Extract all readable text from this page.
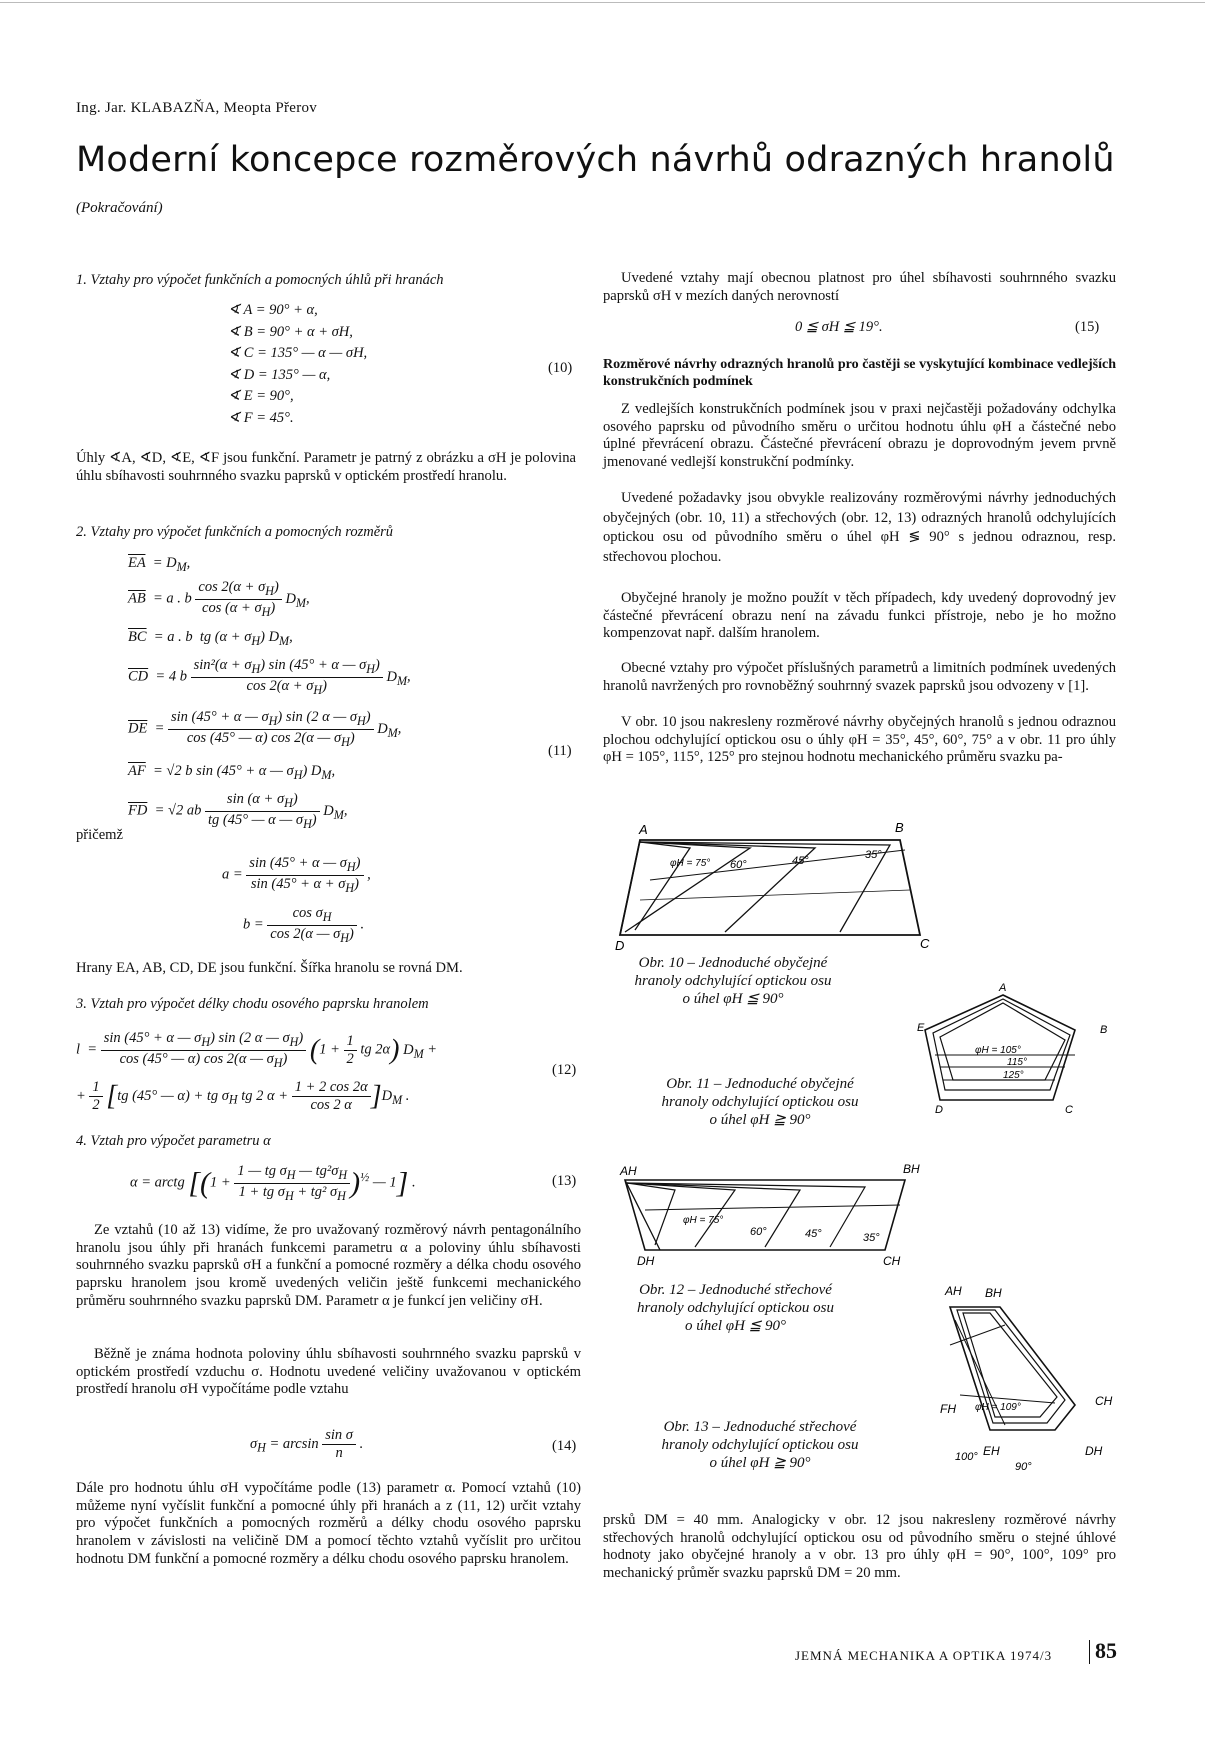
Ing. Jar. KLABAZŇA, Meopta Přerov
Moderní koncepce rozměrových návrhů odrazných hranolů
(Pokračování)
1. Vztahy pro výpočet funkčních a pomocných úhlů při hranách
∢ A = 90° + α,
∢ B = 90° + α + σH,
∢ C = 135° — α — σH,
∢ D = 135° — α,
∢ E = 90°,
∢ F = 45°.
(10)
Úhly ∢A, ∢D, ∢E, ∢F jsou funkční. Parametr je patrný z obrázku a σH je polovina úhlu sbíhavosti souhrnného svazku paprsků v optickém prostředí hranolu.
2. Vztahy pro výpočet funkčních a pomocných rozměrů
$\overline{EA} = D_M$,
$\overline{AB} = a$ . b $\frac{\cos 2(\alpha + \sigma_H)}{\cos (\alpha + \sigma_H)} D_M$,
$\overline{BC} = a$ . b  tg $(\alpha + \sigma_H)$ $D_M$,
$\overline{CD} = 4$ b $\frac{\sin^2(\alpha + \sigma_H) \sin (45^\circ + \alpha — \sigma_H)}{\cos 2(\alpha + \sigma_H)} D_M$,
$\overline{DE} = \frac{\sin (45^\circ + \alpha — \sigma_H) \sin (2 \alpha — \sigma_H)}{\cos (45^\circ — \alpha) \cos 2(\alpha — \sigma_H)} D_M$,
$\overline{AF} = √2$ b sin (45° + α — $\sigma_H$) $D_M$,
$\overline{FD} = √2$ ab $\frac{\sin (\alpha + \sigma_H)}{tg (45^\circ — \alpha — \sigma_H)} D_M$,
(11)
přičemž
$a = \frac{\sin (45^\circ + \alpha — \sigma_H)}{\sin (45^\circ + \alpha + \sigma_H)}$ ,
$b = \frac{\cos \sigma_H}{\cos 2(\alpha — \sigma_H)}$ .
Hrany EA, AB, CD, DE jsou funkční. Šířka hranolu se rovná DM.
3. Vztah pro výpočet délky chodu osového paprsku hranolem
$l = \frac{\sin (45^\circ + \alpha — \sigma_H) \sin (2 \alpha — \sigma_H)}{\cos (45^\circ — \alpha) \cos 2(\alpha — \sigma_H)} (1 + \frac{1}{2}$ tg 2α) $D_M$ +
+ $\frac{1}{2} [tg$ (45° — α) + tg $\sigma_H$ tg 2 $\alpha + \frac{1 + 2 \cos 2\alpha}{\cos 2 \alpha} ]D_M$ .
(12)
4. Vztah pro výpočet parametru α
α = arctg [$(1 + \frac{1 — tg \sigma_H — tg^2\sigma_H}{1 + tg \sigma_H + tg^2 \sigma_H} )^{\frac{1}{2}}$ — 1] .	(13)
Ze vztahů (10 až 13) vidíme, že pro uvažovaný rozměrový návrh pentagonálního hranolu jsou úhly při hranách funkcemi parametru α a poloviny úhlu sbíhavosti souhrnného svazku paprsků σH a funkční a pomocné rozměry a délka chodu osového paprsku hranolem jsou kromě uvedených veličin ještě funkcemi mechanického průměru souhrnného svazku paprsků DM. Parametr α je funkcí jen veličiny σH.
Běžně je známa hodnota poloviny úhlu sbíhavosti souhrnného svazku paprsků v optickém prostředí vzduchu σ. Hodnotu uvedené veličiny uvažovanou v optickém prostředí hranolu σH vypočítáme podle vztahu
$\sigma_H = \arcsin \frac{\text{sin σ}}{n}$ .	(14)
Dále pro hodnotu úhlu σH vypočítáme podle (13) parametr α. Pomocí vztahů (10) můžeme nyní vyčíslit funkční a pomocné úhly při hranách a z (11, 12) určit vztahy pro výpočet funkčních a pomocných rozměrů a délky chodu osového paprsku hranolem v závislosti na veličině DM a pomocí těchto vztahů vyčíslit pro určitou hodnotu DM funkční a pomocné rozměry a délku chodu osového paprsku hranolem.
Uvedené vztahy mají obecnou platnost pro úhel sbíhavosti souhrnného svazku paprsků σH v mezích daných nerovností
0 ≦ σH ≦ 19°.	(15)
Rozměrové návrhy odrazných hranolů pro častěji se vyskytující kombinace vedlejších konstrukčních podmínek
Z vedlejších konstrukčních podmínek jsou v praxi nejčastěji požadovány odchylka osového paprsku od původního směru o určitou hodnotu úhlu φH a částečné nebo úplné převrácení obrazu. Částečné převrácení obrazu je doprovodným jevem prvně jmenované vedlejší konstrukční podmínky.
Uvedené požadavky jsou obvykle realizovány rozměrovými návrhy jednoduchých obyčejných (obr. 10, 11) a střechových (obr. 12, 13) odrazných hranolů odchylujících optickou osu od původního směru o úhel φH ≶ 90° s jednou odraznou, resp. střechovou plochou.
Obyčejné hranoly je možno použít v těch případech, kdy uvedený doprovodný jev částečné převrácení obrazu není na závadu funkci přístroje, nebo je ho možno kompenzovat např. dalším hranolem.
Obecné vztahy pro výpočet příslušných parametrů a limitních podmínek uvedených hranolů navržených pro rovnoběžný souhrnný svazek paprsků jsou odvozeny v [1].
V obr. 10 jsou nakresleny rozměrové návrhy obyčejných hranolů s jednou odraznou plochou odchylující optickou osu o úhly φH = 35°, 45°, 60°, 75° a v obr. 11 pro úhly φH = 105°, 115°, 125° pro stejnou hodnotu mechanického průměru svazku pa-
A	B
C
D
φH = 75° 60°	45°	35°
Obr. 10 – Jednoduché obyčejné
hranoly odchylující optickou osu
o úhel φH ≦ 90°
A
B
C
D
E
φH = 105°
115°
125°
Obr. 11 – Jednoduché obyčejné
hranoly odchylující optickou osu
o úhel φH ≧ 90°
AH	BH
CH
DH
φH = 75°
60°	45°	35°
Obr. 12 – Jednoduché střechové
hranoly odchylující optickou osu
o úhel φH ≦ 90°
AH BH
CH
DH
EH
FH φH = 109°
100°
90°
Obr. 13 – Jednoduché střechové
hranoly odchylující optickou osu
o úhel φH ≧ 90°
prsků DM = 40 mm. Analogicky v obr. 12 jsou nakresleny rozměrové návrhy střechových hranolů odchylující optickou osu od původního směru o stejné úhlové hodnoty jako obyčejné hranoly a v obr. 13 pro úhly φH = 90°, 100°, 109° pro mechanický průměr svazku paprsků DM = 20 mm.
JEMNÁ MECHANIKA A OPTIKA 1974/3 85
